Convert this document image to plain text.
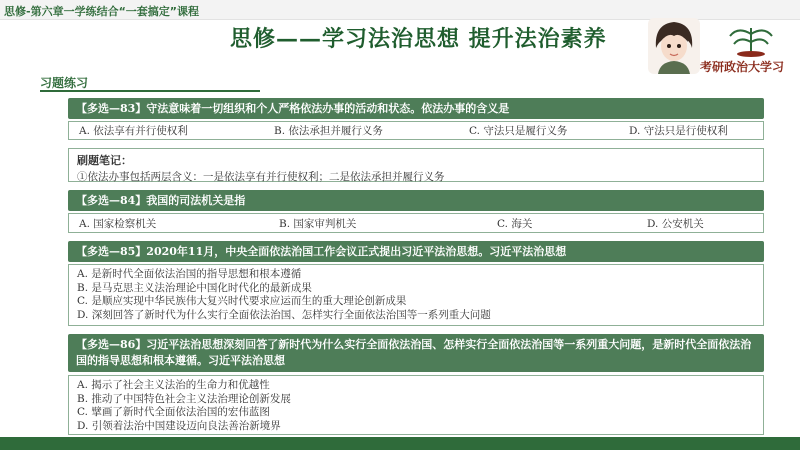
思修-第六章一学练结合“一套搞定”课程
思修——学习法治思想 提升法治素养
考研政治大学习
习题练习
【多选—83】守法意味着一切组织和个人严格依法办事的活动和状态。依法办事的含义是
A. 依法享有并行使权利	B. 依法承担并履行义务	C. 守法只是履行义务	D. 守法只是行使权利
刷题笔记：
①依法办事包括两层含义：一是依法享有并行使权利；二是依法承担并履行义务
【多选—84】我国的司法机关是指
A. 国家检察机关	B. 国家审判机关	C. 海关	D. 公安机关
【多选—85】2020年11月，中央全面依法治国工作会议正式提出习近平法治思想。习近平法治思想
A. 是新时代全面依法治国的指导思想和根本遵循
B. 是马克思主义法治理论中国化时代化的最新成果
C. 是顺应实现中华民族伟大复兴时代要求应运而生的重大理论创新成果
D. 深刻回答了新时代为什么实行全面依法治国、怎样实行全面依法治国等一系列重大问题
【多选—86】习近平法治思想深刻回答了新时代为什么实行全面依法治国、怎样实行全面依法治国等一系列重大问题，是新时代全面依法治国的指导思想和根本遵循。习近平法治思想
A. 揭示了社会主义法治的生命力和优越性
B. 推动了中国特色社会主义法治理论创新发展
C. 擘画了新时代全面依法治国的宏伟蓝图
D. 引领着法治中国建设迈向良法善治新境界
